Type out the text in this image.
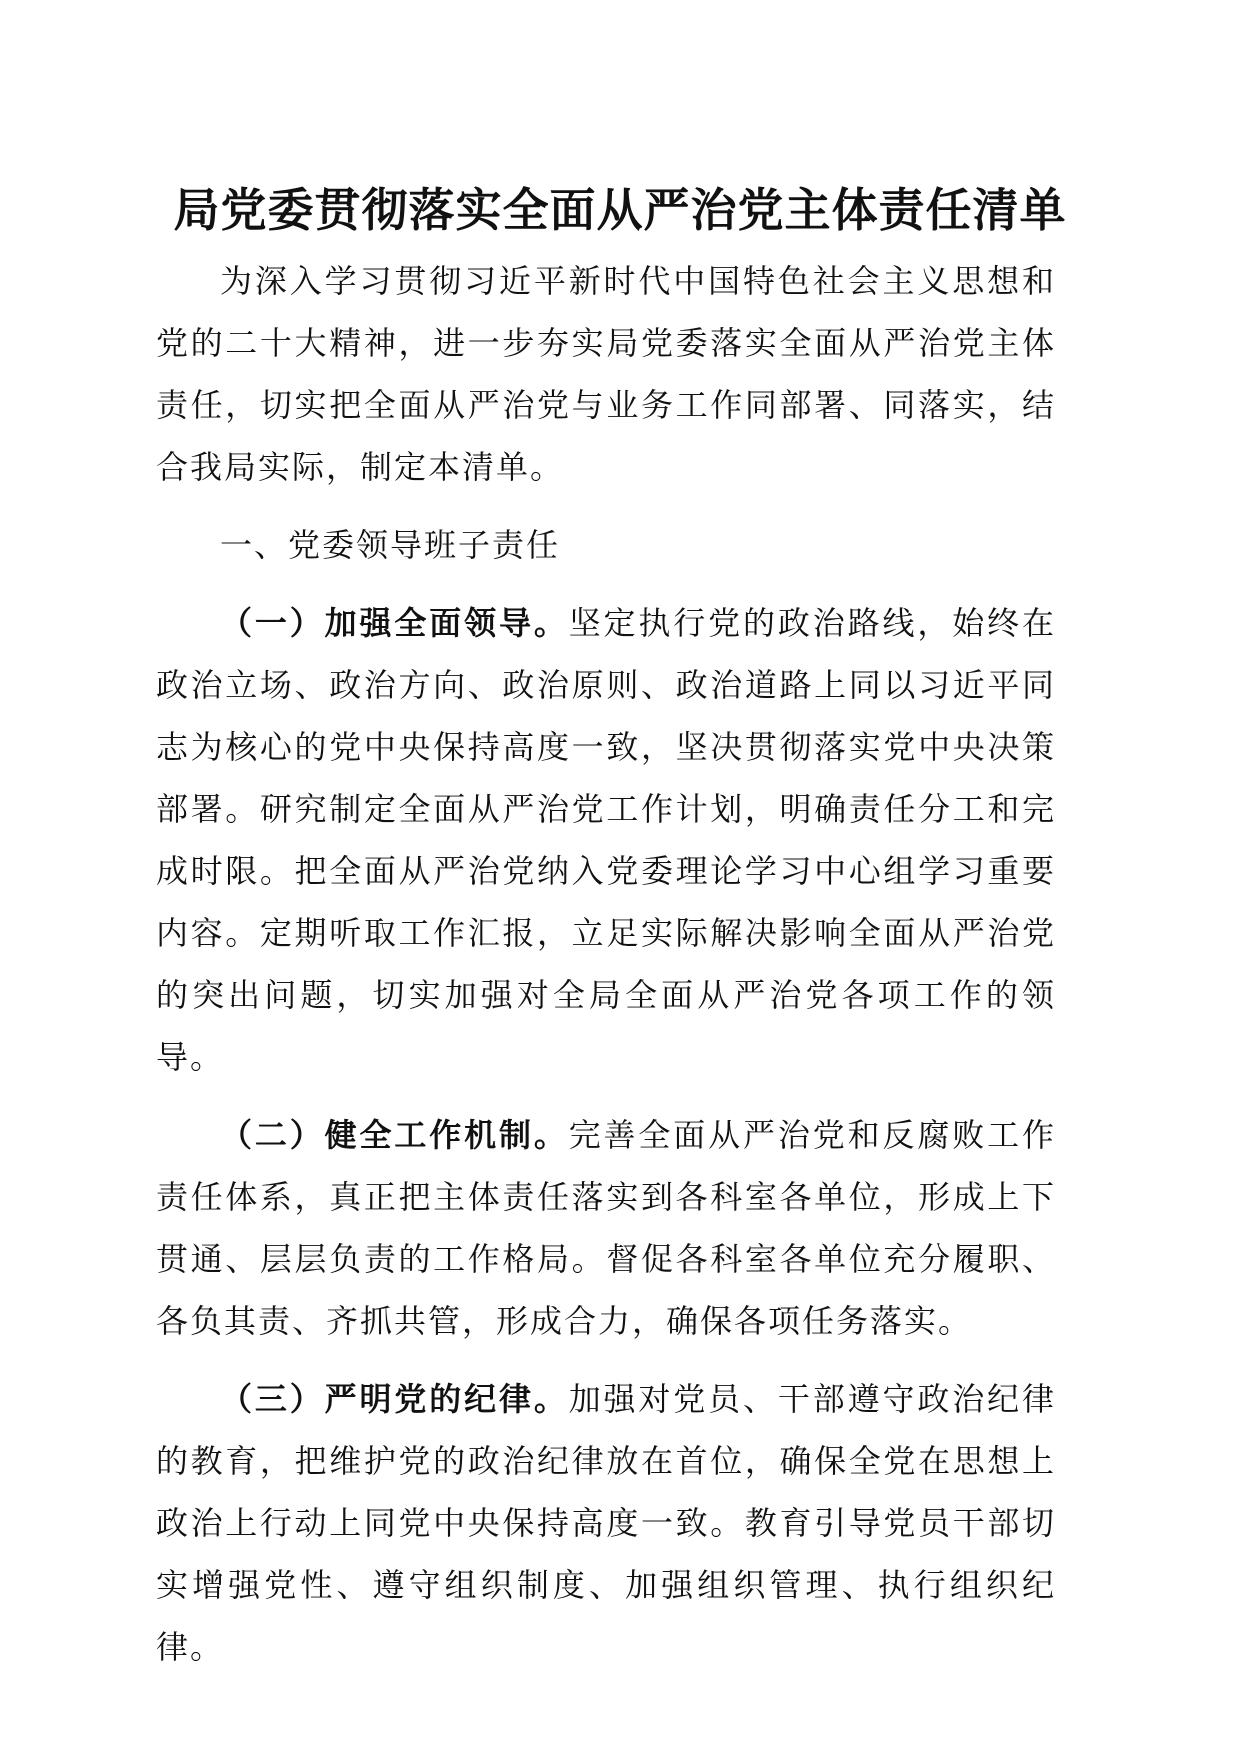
局党委贯彻落实全面从严治党主体责任清单

为深入学习贯彻习近平新时代中国特色社会主义思想和党的二十大精神，进一步夯实局党委落实全面从严治党主体责任，切实把全面从严治党与业务工作同部署、同落实，结合我局实际，制定本清单。

一、党委领导班子责任

（一）加强全面领导。坚定执行党的政治路线，始终在政治立场、政治方向、政治原则、政治道路上同以习近平同志为核心的党中央保持高度一致，坚决贯彻落实党中央决策部署。研究制定全面从严治党工作计划，明确责任分工和完成时限。把全面从严治党纳入党委理论学习中心组学习重要内容。定期听取工作汇报，立足实际解决影响全面从严治党的突出问题，切实加强对全局全面从严治党各项工作的领导。

（二）健全工作机制。完善全面从严治党和反腐败工作责任体系，真正把主体责任落实到各科室各单位，形成上下贯通、层层负责的工作格局。督促各科室各单位充分履职、各负其责、齐抓共管，形成合力，确保各项任务落实。

（三）严明党的纪律。加强对党员、干部遵守政治纪律的教育，把维护党的政治纪律放在首位，确保全党在思想上政治上行动上同党中央保持高度一致。教育引导党员干部切实增强党性、遵守组织制度、加强组织管理、执行组织纪律。
